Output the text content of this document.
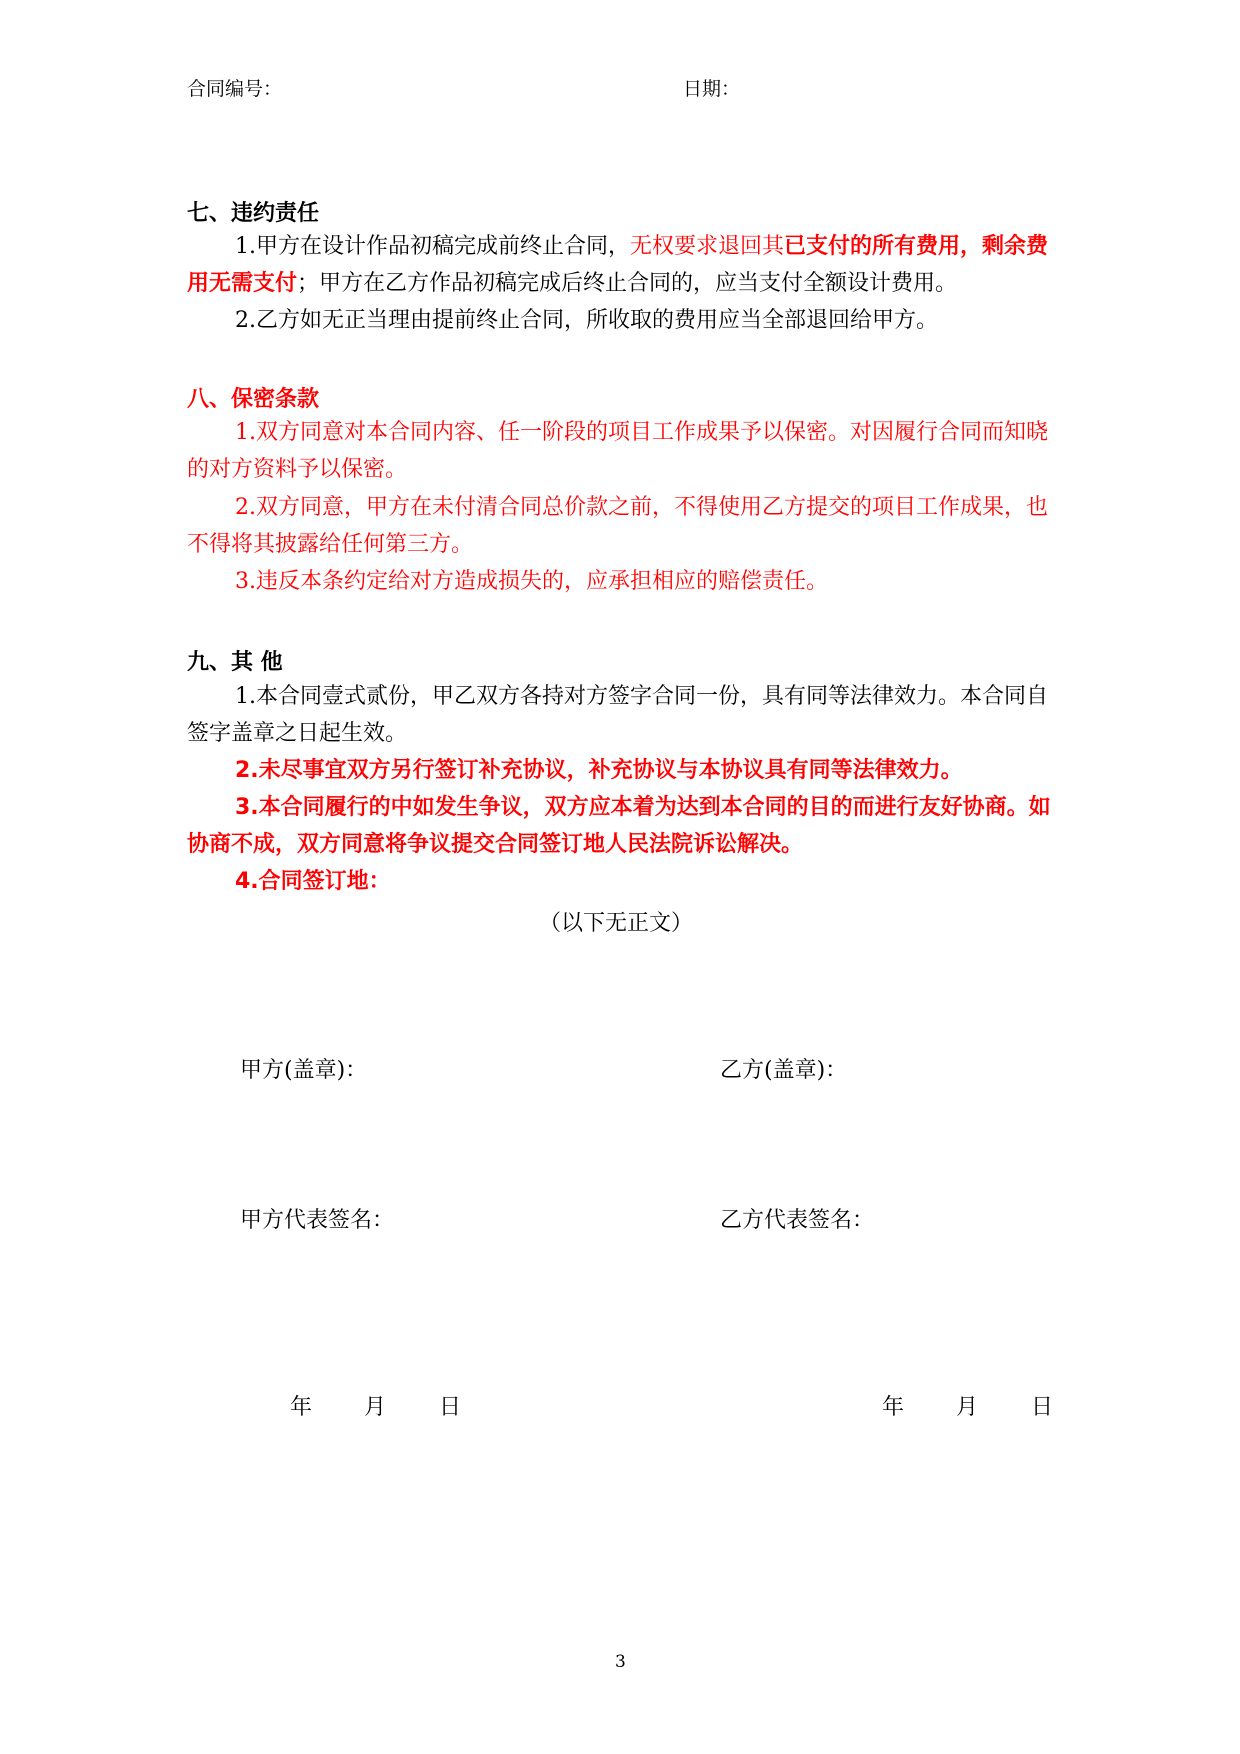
合同编号：	日期：
七、违约责任
1.甲方在设计作品初稿完成前终止合同，无权要求退回其已支付的所有费用，剩余费用无需支付；甲方在乙方作品初稿完成后终止合同的，应当支付全额设计费用。
2.乙方如无正当理由提前终止合同，所收取的费用应当全部退回给甲方。
八、保密条款
1.双方同意对本合同内容、任一阶段的项目工作成果予以保密。对因履行合同而知晓的对方资料予以保密。
2.双方同意，甲方在未付清合同总价款之前，不得使用乙方提交的项目工作成果，也不得将其披露给任何第三方。
3.违反本条约定给对方造成损失的，应承担相应的赔偿责任。
九、其 他
1.本合同壹式贰份，甲乙双方各持对方签字合同一份，具有同等法律效力。本合同自签字盖章之日起生效。
2.未尽事宜双方另行签订补充协议，补充协议与本协议具有同等法律效力。
3.本合同履行的中如发生争议，双方应本着为达到本合同的目的而进行友好协商。如协商不成，双方同意将争议提交合同签订地人民法院诉讼解决。
4.合同签订地：
（以下无正文）
甲方(盖章)：	乙方(盖章)：
甲方代表签名：	乙方代表签名：
年 月 日	年 月 日
3
